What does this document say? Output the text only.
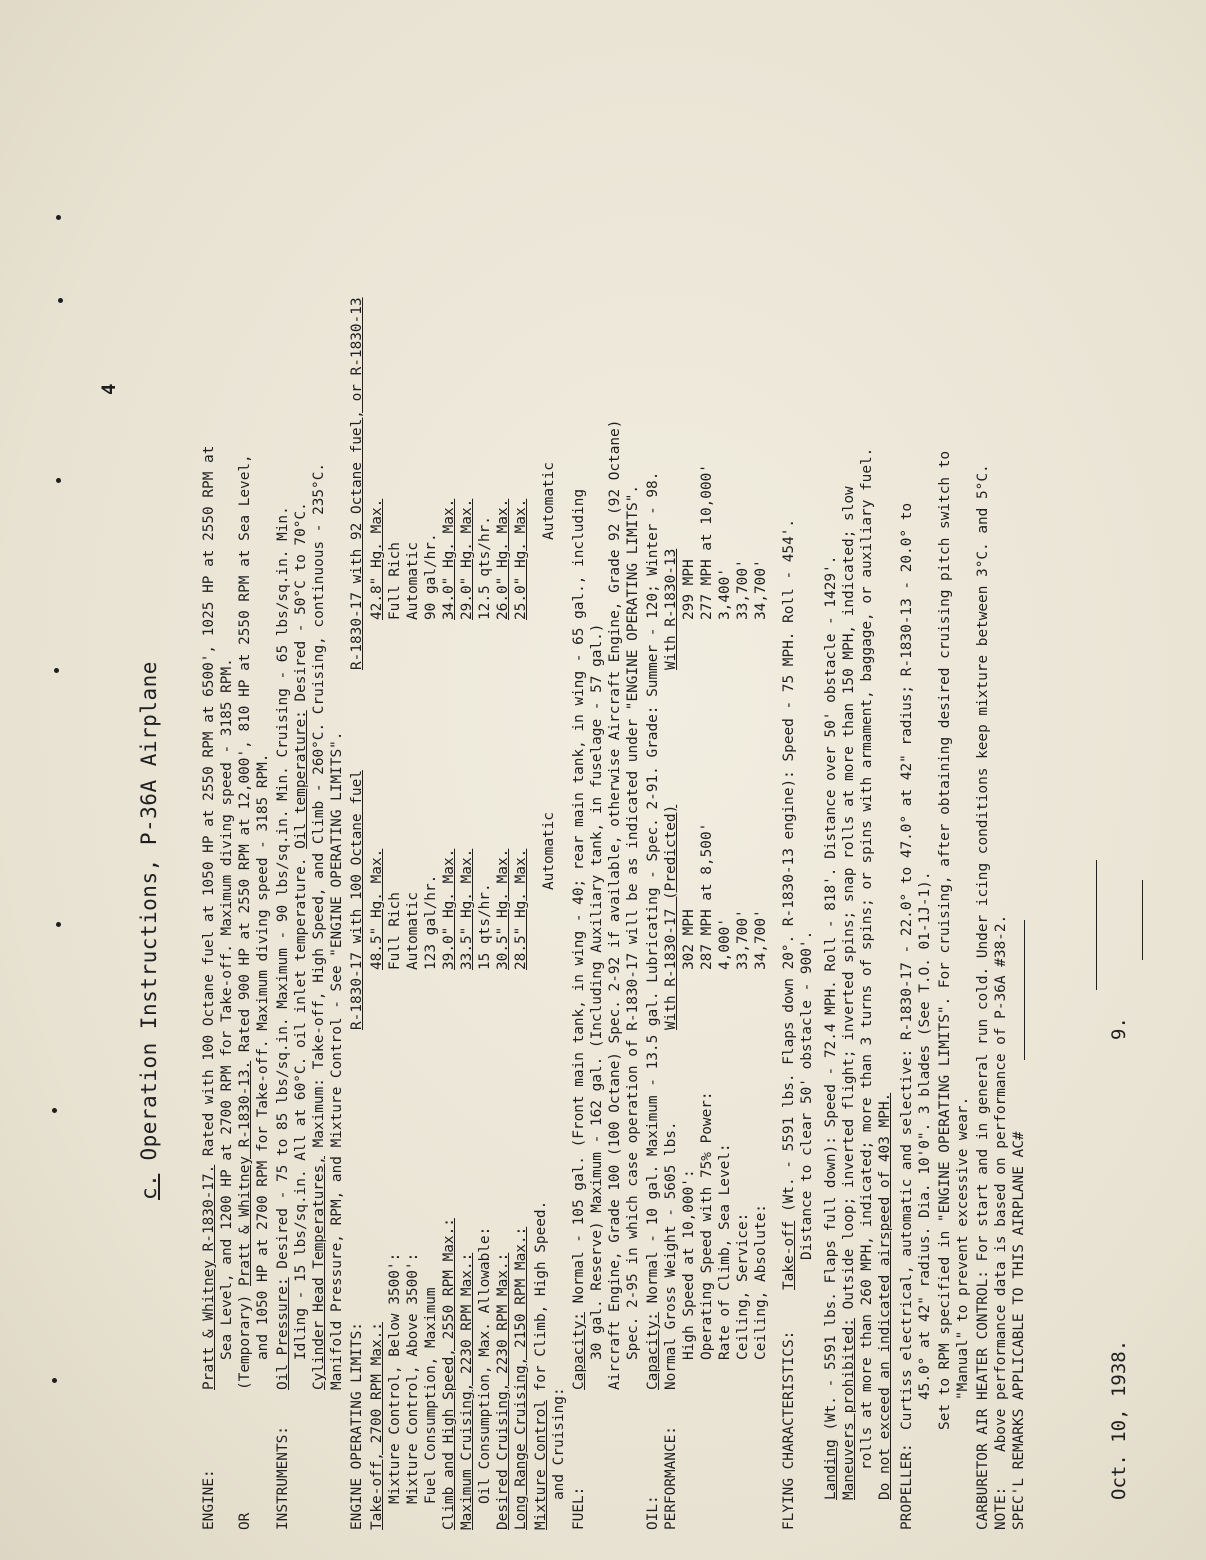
4
c. Operation Instructions, P-36A Airplane
ENGINE:
Pratt & Whitney R-1830-17. Rated with 100 Octane fuel at 1050 HP at 2550 RPM at 6500', 1025 HP at 2550 RPM at Sea Level, and 1200 HP at 2700 RPM for Take-off. Maximum diving speed - 3185 RPM.
OR
(Temporary) Pratt & Whitney R-1830-13. Rated 900 HP at 2550 RPM at 12,000', 810 HP at 2550 RPM at Sea Level, and 1050 HP at 2700 RPM for Take-off. Maximum diving speed - 3185 RPM.
INSTRUMENTS:
Oil Pressure: Desired - 75 to 85 lbs/sq.in. Maximum - 90 lbs/sq.in. Min. Cruising - 65 lbs/sq.in. Min. Idling - 15 lbs/sq.in. All at 60°C. oil inlet temperature. Oil temperature: Desired - 50°C to 70°C.
Cylinder Head Temperatures, Maximum: Take-off, High Speed, and Climb - 260°C. Cruising, continuous - 235°C. Manifold Pressure, RPM, and Mixture Control - See "ENGINE OPERATING LIMITS".
ENGINE OPERATING LIMITS:
R-1830-17 with 100 Octane fuel
R-1830-17 with 92 Octane fuel, or R-1830-13
Mixture Control for Climb, High Speed.
and Cruising:
Automatic
Automatic
FUEL:
Capacity: Normal - 105 gal. (Front main tank, in wing - 40; rear main tank, in wing - 65 gal., including 30 gal. Reserve) Maximum - 162 gal. (Including Auxiliary tank, in fuselage - 57 gal.) Aircraft Engine, Grade 100 (100 Octane) Spec. 2-92 if available, otherwise Aircraft Engine, Grade 92 (92 Octane) Spec. 2-95 in which case operation of R-1830-17 will be as indicated under "ENGINE OPERATING LIMITS".
OIL:
Capacity: Normal - 10 gal. Maximum - 13.5 gal. Lubricating - Spec. 2-91. Grade: Summer - 120; Winter - 98.
PERFORMANCE:
Normal Gross Weight - 5605 lbs.
With R-1830-17 (Predicted)
With R-1830-13
FLYING CHARACTERISTICS:
Take-off (Wt. - 5591 lbs. Flaps down 20°. R-1830-13 engine): Speed - 75 MPH. Roll - 454'. Distance to clear 50' obstacle - 900'.
Landing (Wt. - 5591 lbs. Flaps full down): Speed - 72.4 MPH. Roll - 818'. Distance over 50' obstacle - 1429'. Maneuvers prohibited: Outside loop; inverted flight; inverted spins; snap rolls at more than 150 MPH, indicated; slow rolls at more than 260 MPH, indicated; more than 3 turns of spins; or spins with armament, baggage, or auxiliary fuel. Do not exceed an indicated airspeed of 403 MPH. PROPELLER:
Curtiss electrical, automatic and selective: R-1830-17 - 22.0° to 47.0° at 42" radius; R-1830-13 - 20.0° to 45.0° at 42" radius. Dia. 10'0". 3 blades (See T.O. 01-1J-1). Set to RPM specified in "ENGINE OPERATING LIMITS". For cruising, after obtaining desired cruising pitch switch to "Manual" to prevent excessive wear.
CARBURETOR AIR HEATER CONTROL: For start and in general run cold. Under icing conditions keep mixture between 3°C. and 5°C.
NOTE:    Above performance data is based on performance of P-36A #38-2. SPEC'L REMARKS APPLICABLE TO THIS AIRPLANE AC#	Oct. 10, 1938.
9.
Take-off, 2700 RPM Max.:
48.5" Hg. Max.
42.8" Hg. Max.
Mixture Control, Below 3500':
Full Rich
Full Rich
Mixture Control, Above 3500':
Automatic
Automatic
Fuel Consumption, Maximum
123 gal/hr.
90 gal/hr.
Climb and High Speed, 2550 RPM Max.:
39.0" Hg. Max.
34.0" Hg. Max.
Maximum Cruising, 2230 RPM Max.:
33.5" Hg. Max.
29.0" Hg. Max.
Oil Consumption, Max. Allowable:
15 qts/hr.
12.5 qts/hr.
Desired Cruising, 2230 RPM Max.:
30.5" Hg. Max.
26.0" Hg. Max.
Long Range Cruising, 2150 RPM Max.:
28.5" Hg. Max.
25.0" Hg. Max.
High Speed at 10,000':
302 MPH
299 MPH
Operating Speed with 75% Power:
287 MPH at 8,500'
277 MPH at 10,000'
Rate of Climb, Sea Level:
4,000'
3,400'
Ceiling, Service:
33,700'
33,700'
Ceiling, Absolute:
34,700'
34,700'
